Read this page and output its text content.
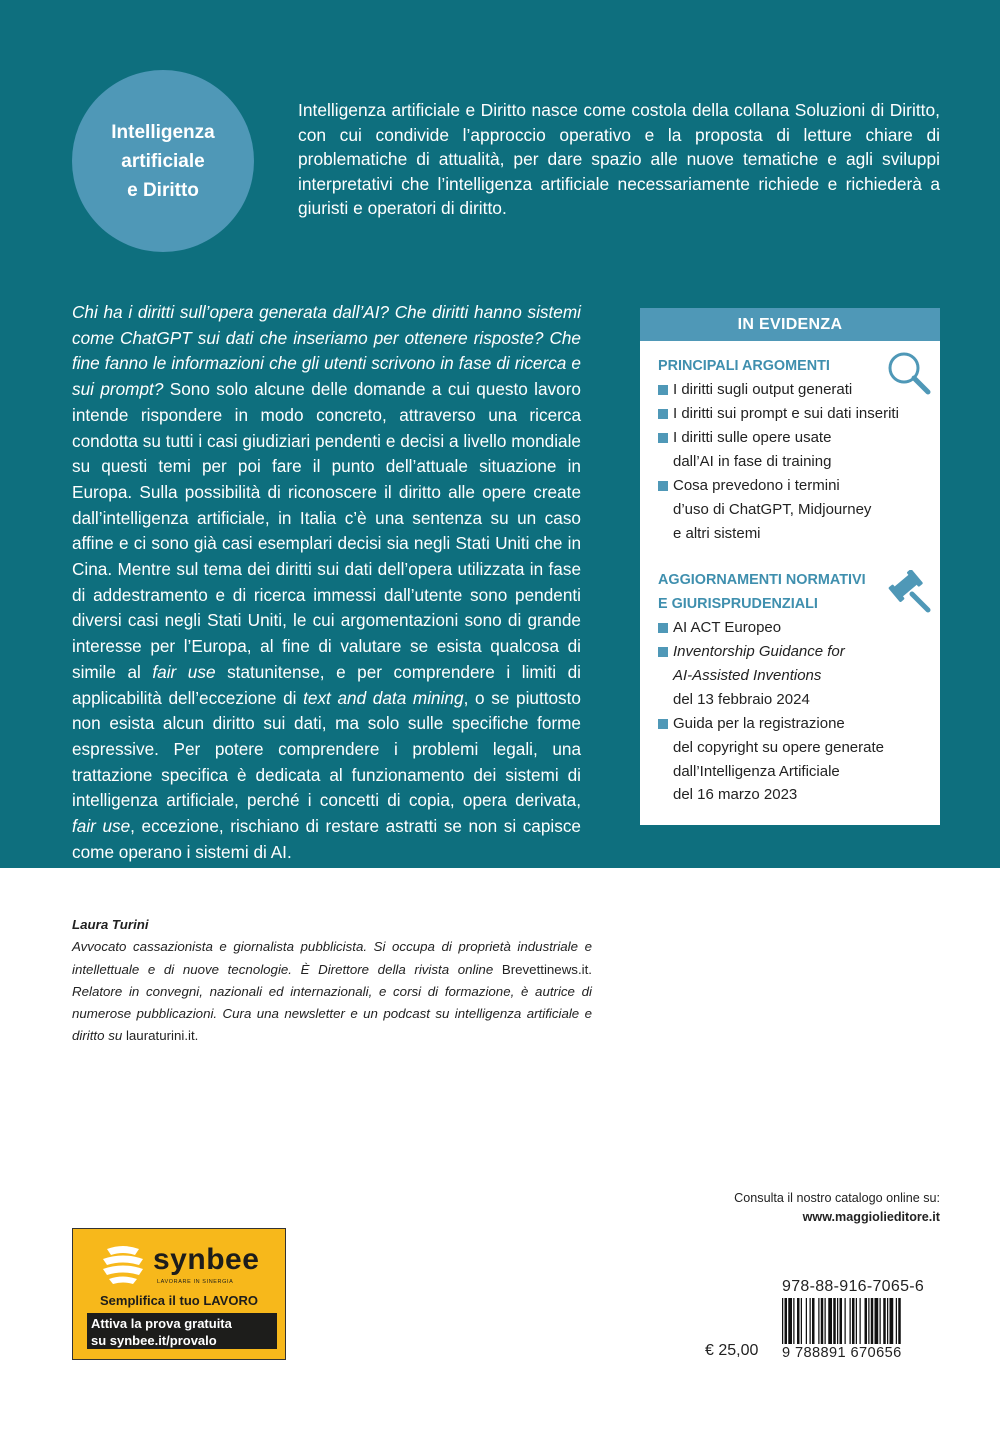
Intelligenza
artificiale
e Diritto

Intelligenza artificiale e Diritto nasce come costola della collana Soluzioni di Diritto, con cui condivide l’approccio operativo e la proposta di letture chiare di problematiche di attualità, per dare spazio alle nuove tematiche e agli sviluppi interpretativi che l’intelligenza artificiale necessariamente richiede e richiederà a giuristi e operatori di diritto.

Chi ha i diritti sull’opera generata dall’AI? Che diritti hanno sistemi come ChatGPT sui dati che inseriamo per ottenere risposte? Che fine fanno le informazioni che gli utenti scrivono in fase di ricerca e sui prompt? Sono solo alcune delle domande a cui questo lavoro intende rispondere in modo concreto, attraverso una ricerca condotta su tutti i casi giudiziari pendenti e decisi a livello mondiale su questi temi per poi fare il punto dell’attuale situazione in Europa. Sulla possibilità di riconoscere il diritto alle opere create dall’intelligenza artificiale, in Italia c’è una sentenza su un caso affine e ci sono già casi esemplari decisi sia negli Stati Uniti che in Cina. Mentre sul tema dei diritti sui dati dell’opera utilizzata in fase di addestramento e di ricerca immessi dall’utente sono pendenti diversi casi negli Stati Uniti, le cui argomentazioni sono di grande interesse per l’Europa, al fine di valutare se esista qualcosa di simile al fair use statunitense, e per comprendere i limiti di applicabilità dell’eccezione di text and data mining, o se piuttosto non esista alcun diritto sui dati, ma solo sulle specifiche forme espressive. Per potere comprendere i problemi legali, una trattazione specifica è dedicata al funzionamento dei sistemi di intelligenza artificiale, perché i concetti di copia, opera derivata, fair use, eccezione, rischiano di restare astratti se non si capisce come operano i sistemi di AI.

IN EVIDENZA
PRINCIPALI ARGOMENTI
I diritti sugli output generati
I diritti sui prompt e sui dati inseriti
I diritti sulle opere usate
dall’AI in fase di training
Cosa prevedono i termini
d’uso di ChatGPT, Midjourney
e altri sistemi
AGGIORNAMENTI NORMATIVI
E GIURISPRUDENZIALI
AI ACT Europeo
Inventorship Guidance for
AI-Assisted Inventions
del 13 febbraio 2024
Guida per la registrazione
del copyright su opere generate
dall’Intelligenza Artificiale
del 16 marzo 2023
Laura Turini
Avvocato cassazionista e giornalista pubblicista. Si occupa di proprietà industriale e intellettuale e di nuove tecnologie. È Direttore della rivista online Brevettinews.it. Relatore in convegni, nazionali ed internazionali, e corsi di formazione, è autrice di numerose pubblicazioni. Cura una newsletter e un podcast su intelligenza artificiale e diritto su lauraturini.it.
Consulta il nostro catalogo online su:
www.maggiolieditore.it
synbee
LAVORARE IN SINERGIA
Semplifica il tuo LAVORO
Attiva la prova gratuita
su synbee.it/provalo
€ 25,00
978-88-916-7065-6
9 788891 670656
